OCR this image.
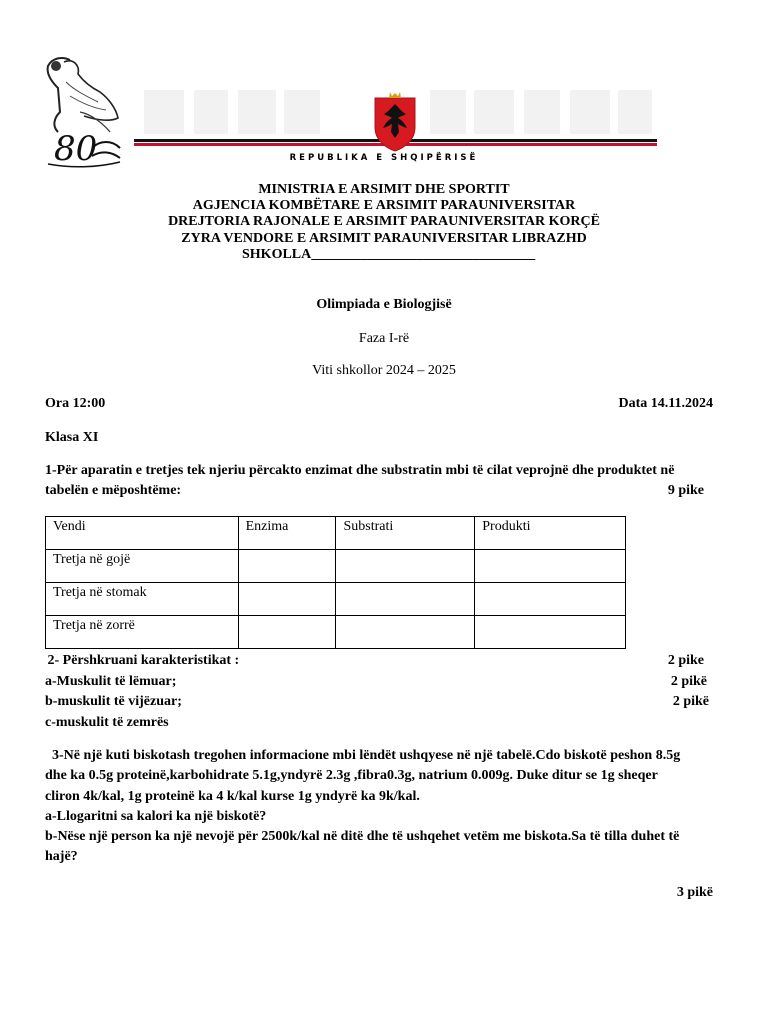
80	REPUBLIKA E SHQIPËRISË
MINISTRIA E ARSIMIT DHE SPORTIT
AGJENCIA KOMBËTARE E ARSIMIT PARAUNIVERSITAR
DREJTORIA RAJONALE E ARSIMIT PARAUNIVERSITAR KORÇË
ZYRA VENDORE E ARSIMIT PARAUNIVERSITAR LIBRAZHD
SHKOLLA________________________________
Olimpiada e Biologjisë
Faza I-rë
Viti shkollor 2024 – 2025
Ora 12:00	Data 14.11.2024
Klasa XI
1-Për aparatin e tretjes tek njeriu përcakto enzimat dhe substratin mbi të cilat veprojnë dhe produktet në
tabelën e mëposhtëme:	9 pike
Vendi	Enzima	Substrati	Produkti
Tretja në gojë			
Tretja në stomak			
Tretja në zorrë			
2- Përshkruani karakteristikat :	2 pike
a-Muskulit të lëmuar;	2 pikë
b-muskulit të vijëzuar;	2 pikë
c-muskulit të zemrës
3-Në një kuti biskotash tregohen informacione mbi lëndët ushqyese në një tabelë.Cdo biskotë peshon 8.5g
dhe ka 0.5g proteinë,karbohidrate 5.1g,yndyrë 2.3g ,fibra0.3g, natrium 0.009g. Duke ditur se 1g sheqer
cliron 4k/kal, 1g proteinë ka 4 k/kal kurse 1g yndyrë ka 9k/kal.
a-Llogaritni sa kalori ka një biskotë?
b-Nëse një person ka një nevojë për 2500k/kal në ditë dhe të ushqehet vetëm me biskota.Sa të tilla duhet të
hajë?
3 pikë
